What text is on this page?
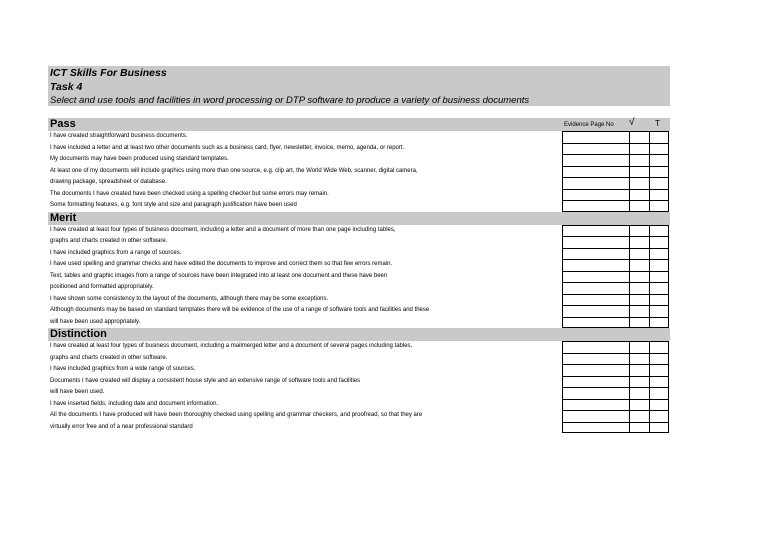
ICT Skills For Business
Task 4
Select and use tools and facilities in word processing or DTP software to produce a variety of business documents
Pass	Evidence Page No √	T
I have created straightforward business documents.
I have included a letter and at least two other documents such as a business card, flyer, newsletter, invoice, memo, agenda, or report.
My documents may have been produced using standard templates.
At least one of my documents will include graphics using more than one source, e.g. clip art, the World Wide Web, scanner, digital camera,
drawing package, spreadsheet or database.
The documents I have created have been checked using a spelling checker but some errors may remain.
Some formatting features, e.g. font style and size and paragraph justification have been used
Merit
I have created at least four types of business document, including a letter and a document of more than one page including tables,
graphs and charts created in other software.
I have included graphics from a range of sources.
I have used spelling and grammar checks and have edited the documents to improve and correct them so that few errors remain.
Text, tables and graphic images from a range of sources have been integrated into at least one document and these have been
positioned and formatted appropriately.
I have shown some consistency to the layout of the documents, although there may be some exceptions.
Although documents may be based on standard templates there will be evidence of the use of a range of software tools and facilities and these
will have been used appropriately.
Distinction
I have created at least four types of business document, including a mailmerged letter and a document of several pages including tables,
graphs and charts created in other software.
I have included graphics from a wide range of sources.
Documents I have created will display a consistent house style and an extensive range of software tools and facilities
will have been used.
I have inserted fields, including date and document information.
All the documents I have produced will have been thoroughly checked using spelling and grammar checkers, and proofread, so that they are
virtually error free and of a near professional standard
